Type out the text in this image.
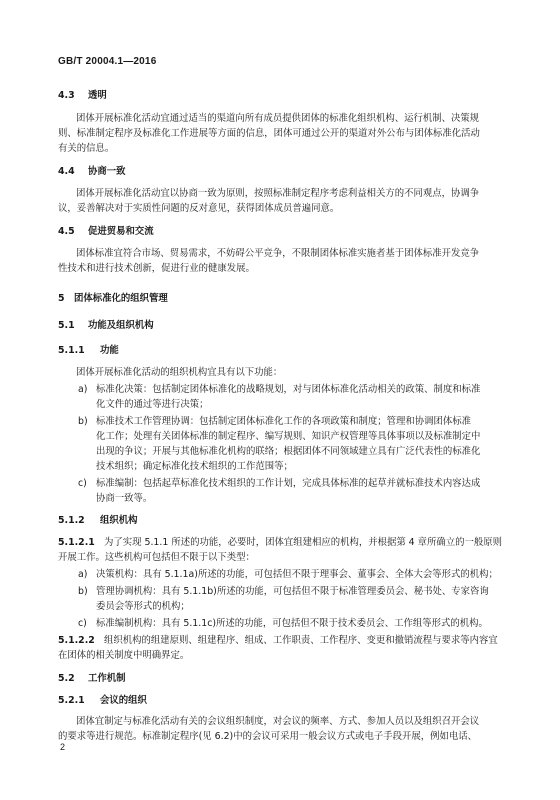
GB/T 20004.1—2016
4.3 透明

团体开展标准化活动宜通过适当的渠道向所有成员提供团体的标准化组织机构、运行机制、决策规

则、标准制定程序及标准化工作进展等方面的信息，团体可通过公开的渠道对外公布与团体标准化活动

有关的信息。

4.4 协商一致

团体开展标准化活动宜以协商一致为原则，按照标准制定程序考虑利益相关方的不同观点，协调争

议，妥善解决对于实质性问题的反对意见，获得团体成员普遍同意。

4.5 促进贸易和交流

团体标准宜符合市场、贸易需求，不妨碍公平竞争，不限制团体标准实施者基于团体标准开发竞争

性技术和进行技术创新，促进行业的健康发展。

5 团体标准化的组织管理
5.1 功能及组织机构
5.1.1 功能

团体开展标准化活动的组织机构宜具有以下功能：

a) 标准化决策：包括制定团体标准化的战略规划，对与团体标准化活动相关的政策、制度和标准

化文件的通过等进行决策；

b) 标准技术工作管理协调：包括制定团体标准化工作的各项政策和制度；管理和协调团体标准

化工作；处理有关团体标准的制定程序、编写规则、知识产权管理等具体事项以及标准制定中

出现的争议；开展与其他标准化机构的联络；根据团体不同领域建立具有广泛代表性的标准化

技术组织；确定标准化技术组织的工作范围等；

c) 标准编制：包括起草标准化技术组织的工作计划，完成具体标准的起草并就标准技术内容达成

协商一致等。

5.1.2 组织机构
5.1.2.1 为了实现 5.1.1 所述的功能，必要时，团体宜组建相应的机构，并根据第 4 章所确立的一般原则

开展工作。这些机构可包括但不限于以下类型：

a) 决策机构：具有 5.1.1a)所述的功能，可包括但不限于理事会、董事会、全体大会等形式的机构；
b) 管理协调机构：具有 5.1.1b)所述的功能，可包括但不限于标准管理委员会、秘书处、专家咨询

委员会等形式的机构；

c) 标准编制机构：具有 5.1.1c)所述的功能，可包括但不限于技术委员会、工作组等形式的机构。
5.1.2.2 组织机构的组建原则、组建程序、组成、工作职责、工作程序、变更和撤销流程与要求等内容宜

在团体的相关制度中明确界定。

5.2 工作机制
5.2.1 会议的组织

团体宜制定与标准化活动有关的会议组织制度，对会议的频率、方式、参加人员以及组织召开会议

的要求等进行规范。标准制定程序(见 6.2)中的会议可采用一般会议方式或电子手段开展，例如电话、

2
